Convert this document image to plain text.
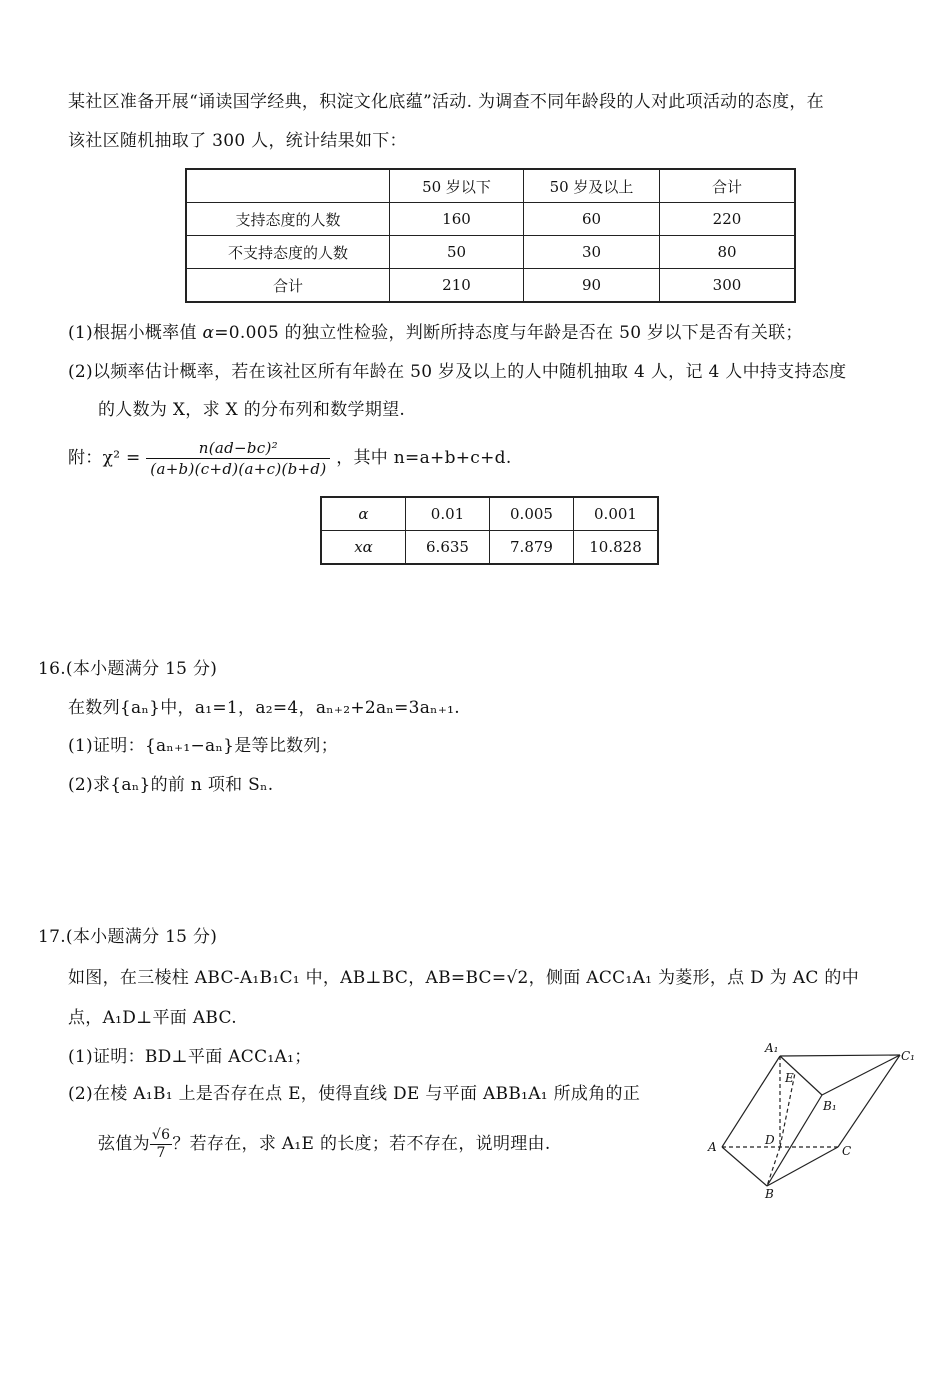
某社区准备开展“诵读国学经典，积淀文化底蕴”活动. 为调查不同年龄段的人对此项活动的态度，在
该社区随机抽取了 300 人，统计结果如下：
	50 岁以下	50 岁及以上	合计
支持态度的人数	160	60	220
不支持态度的人数	50	30	80
合计	210	90	300
(1)根据小概率值 α=0.005 的独立性检验，判断所持态度与年龄是否在 50 岁以下是否有关联；
(2)以频率估计概率，若在该社区所有年龄在 50 岁及以上的人中随机抽取 4 人，记 4 人中持支持态度
的人数为 X，求 X 的分布列和数学期望.
附：$\chi^2 = \frac{\text{n(ad−bc)²}}{(a+b)(c+d)(a+c)(b+d)}$ ，其中 n=a+b+c+d.
α	0.01	0.005	0.001
xα	6.635	7.879	10.828
16.(本小题满分 15 分)
在数列{aₙ}中，a₁=1，a₂=4，aₙ₊₂+2aₙ=3aₙ₊₁.
(1)证明：{aₙ₊₁−aₙ}是等比数列；
(2)求{aₙ}的前 n 项和 Sₙ.
17.(本小题满分 15 分)
如图，在三棱柱 ABC-A₁B₁C₁ 中，AB⊥BC，AB=BC=√2，侧面 ACC₁A₁ 为菱形，点 D 为 AC 的中
点，A₁D⊥平面 ABC.
(1)证明：BD⊥平面 ACC₁A₁；
(2)在棱 A₁B₁ 上是否存在点 E，使得直线 DE 与平面 ABB₁A₁ 所成角的正
弦值为 $\frac{√6}{7}$ ？若存在，求 A₁E 的长度；若不存在，说明理由.
A₁
C₁
E
B₁
A	D
C
B
